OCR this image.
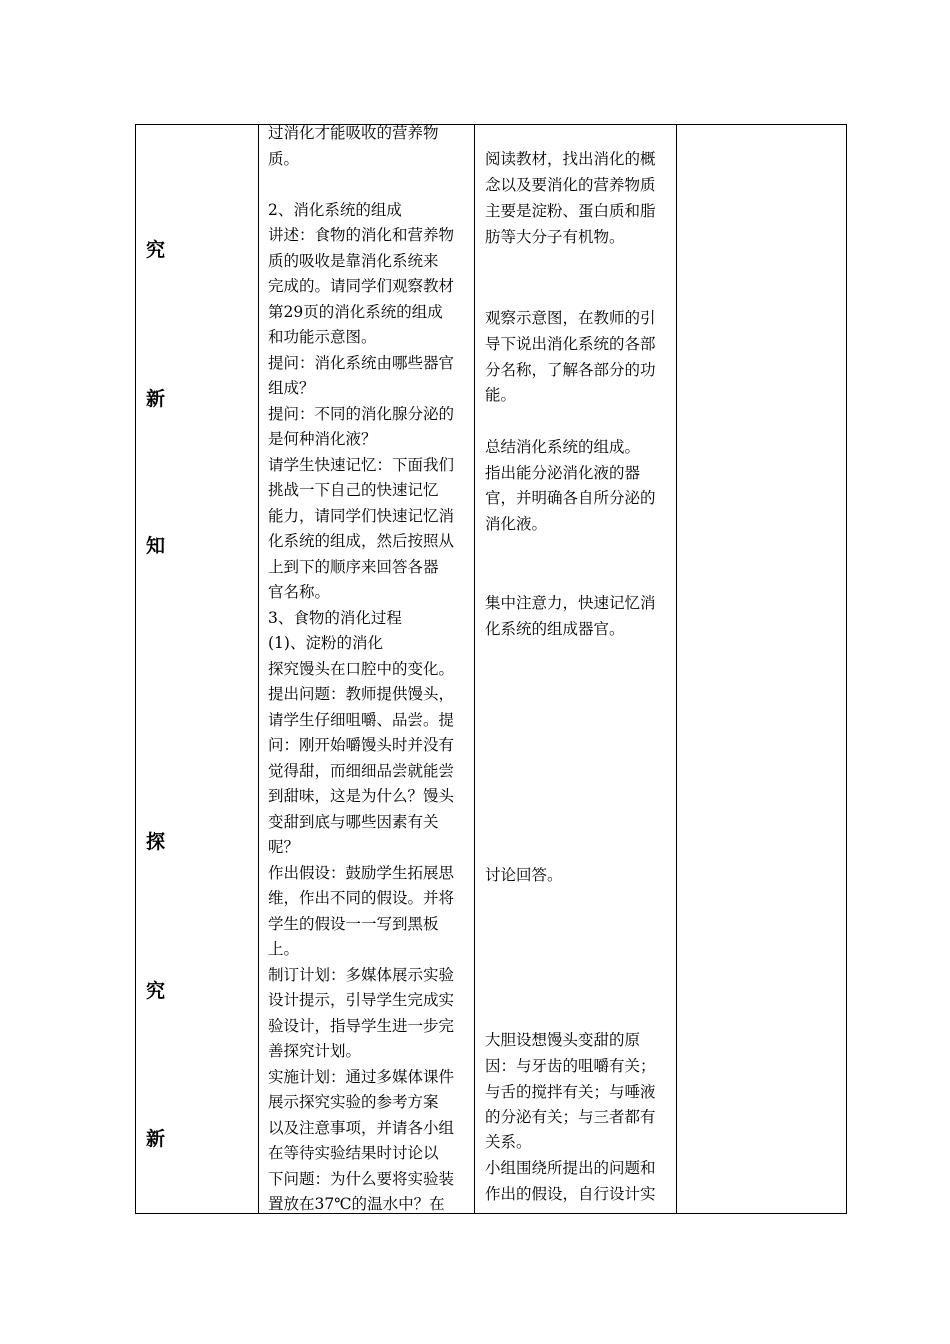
究
新
知
探
究
新

过消化才能吸收的营养物

质。

2、消化系统的组成

讲述：食物的消化和营养物

质的吸收是靠消化系统来

完成的。请同学们观察教材

第29页的消化系统的组成

和功能示意图。

提问：消化系统由哪些器官

组成？

提问：不同的消化腺分泌的

是何种消化液？

请学生快速记忆：下面我们

挑战一下自己的快速记忆

能力，请同学们快速记忆消

化系统的组成，然后按照从

上到下的顺序来回答各器

官名称。

3、食物的消化过程

(1)、淀粉的消化

探究馒头在口腔中的变化。

提出问题：教师提供馒头，

请学生仔细咀嚼、品尝。提

问：刚开始嚼馒头时并没有

觉得甜，而细细品尝就能尝

到甜味，这是为什么？馒头

变甜到底与哪些因素有关

呢？

作出假设：鼓励学生拓展思

维，作出不同的假设。并将

学生的假设一一写到黑板

上。

制订计划：多媒体展示实验

设计提示，引导学生完成实

验设计，指导学生进一步完

善探究计划。

实施计划：通过多媒体课件

展示探究实验的参考方案

以及注意事项，并请各小组

在等待实验结果时讨论以

下问题：为什么要将实验装

置放在37℃的温水中？在

阅读教材，找出消化的概

念以及要消化的营养物质

主要是淀粉、蛋白质和脂

肪等大分子有机物。

观察示意图，在教师的引

导下说出消化系统的各部

分名称，了解各部分的功

能。

总结消化系统的组成。

指出能分泌消化液的器

官，并明确各自所分泌的

消化液。

集中注意力，快速记忆消

化系统的组成器官。

讨论回答。

大胆设想馒头变甜的原

因：与牙齿的咀嚼有关；

与舌的搅拌有关；与唾液

的分泌有关；与三者都有

关系。

小组围绕所提出的问题和

作出的假设，自行设计实
